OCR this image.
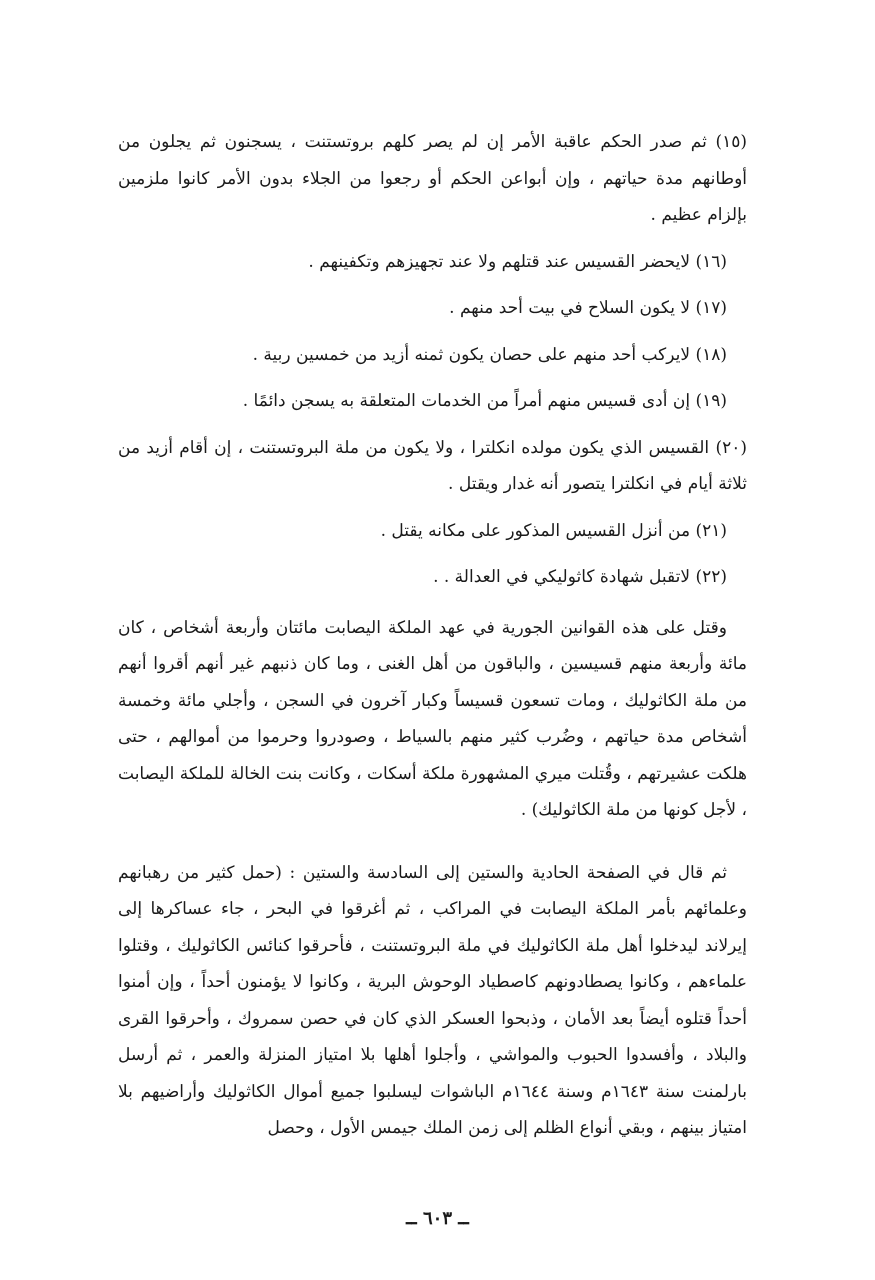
(١٥) ثم صدر الحكم عاقبة الأمر إن لم يصر كلهم بروتستنت ، يسجنون ثم يجلون من أوطانهم مدة حياتهم ، وإن أبواعن الحكم أو رجعوا من الجلاء بدون الأمر كانوا ملزمين بإلزام عظيم .

(١٦) لايحضر القسيس عند قتلهم ولا عند تجهيزهم وتكفينهم .

(١٧) لا يكون السلاح في بيت أحد منهم .

(١٨) لايركب أحد منهم على حصان يكون ثمنه أزيد من خمسين ربية .

(١٩) إن أدى قسيس منهم أمراً من الخدمات المتعلقة به يسجن دائمًا .

(٢٠) القسيس الذي يكون مولده انكلترا ، ولا يكون من ملة البروتستنت ، إن أقام أزيد من ثلاثة أيام في انكلترا يتصور أنه غدار ويقتل .

(٢١) من أنزل القسيس المذكور على مكانه يقتل .

(٢٢) لاتقبل شهادة كاثوليكي في العدالة . .

وقتل على هذه القوانين الجورية في عهد الملكة اليصابت مائتان وأربعة أشخاص ، كان مائة وأربعة منهم قسيسين ، والباقون من أهل الغنى ، وما كان ذنبهم غير أنهم أقروا أنهم من ملة الكاثوليك ، ومات تسعون قسيساً وكبار آخرون في السجن ، وأجلي مائة وخمسة أشخاص مدة حياتهم ، وضُرب كثير منهم بالسياط ، وصودروا وحرموا من أموالهم ، حتى هلكت عشيرتهم ، وقُتلت ميري المشهورة ملكة أسكات ، وكانت بنت الخالة للملكة اليصابت ، لأجل كونها من ملة الكاثوليك) .

ثم قال في الصفحة الحادية والستين إلى السادسة والستين : (حمل كثير من رهبانهم وعلمائهم بأمر الملكة اليصابت في المراكب ، ثم أغرقوا في البحر ، جاء عساكرها إلى إيرلاند ليدخلوا أهل ملة الكاثوليك في ملة البروتستنت ، فأحرقوا كنائس الكاثوليك ، وقتلوا علماءهم ، وكانوا يصطادونهم كاصطياد الوحوش البرية ، وكانوا لا يؤمنون أحداً ، وإن أمنوا أحداً قتلوه أيضاً بعد الأمان ، وذبحوا العسكر الذي كان في حصن سمروك ، وأحرقوا القرى والبلاد ، وأفسدوا الحبوب والمواشي ، وأجلوا أهلها بلا امتياز المنزلة والعمر ، ثم أرسل بارلمنت سنة ١٦٤٣م وسنة ١٦٤٤م الباشوات ليسلبوا جميع أموال الكاثوليك وأراضيهم بلا امتياز بينهم ، وبقي أنواع الظلم إلى زمن الملك جيمس الأول ، وحصل

ــ ٦٠٣ ــ
